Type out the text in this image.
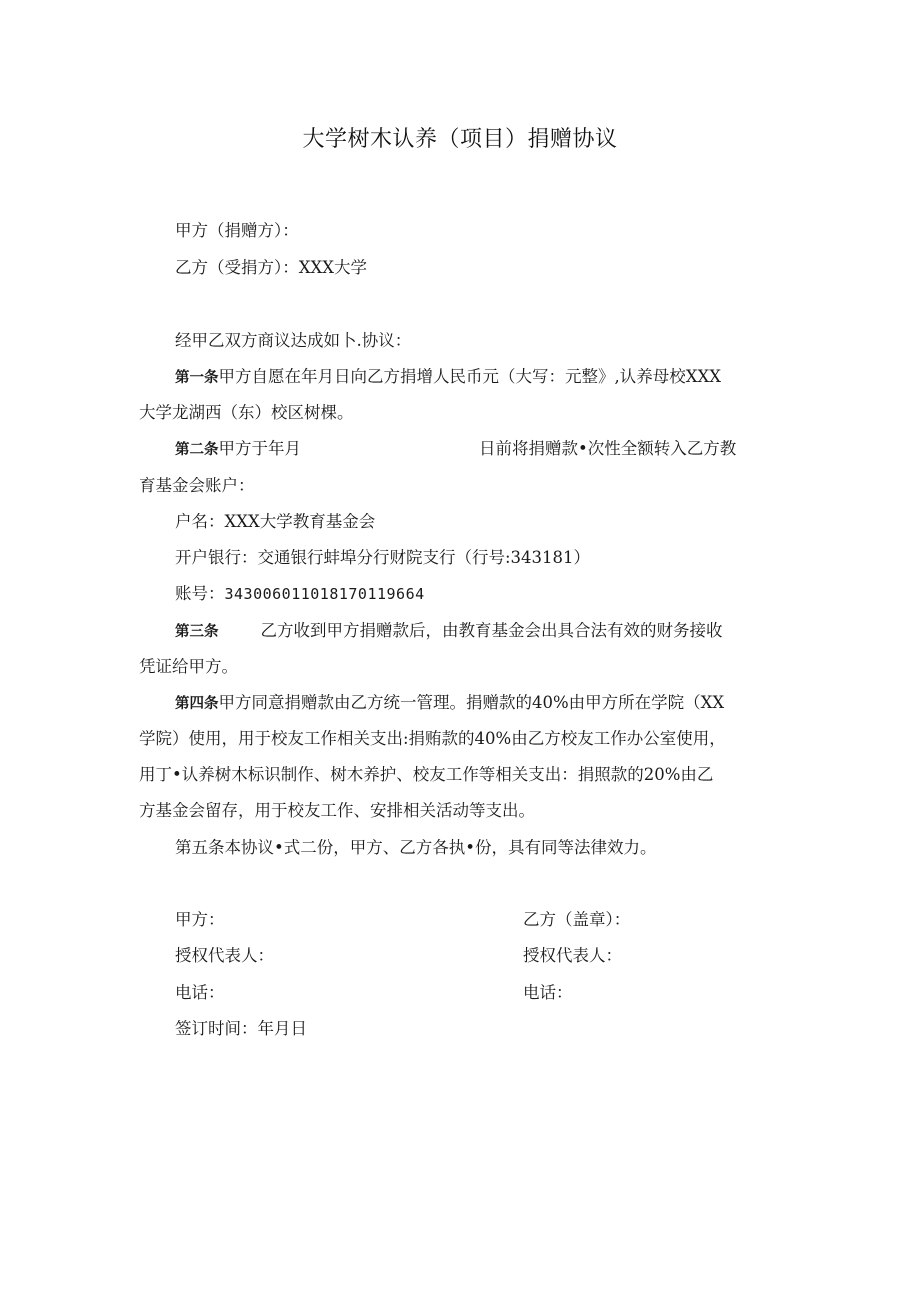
大学树木认养（项目）捐赠协议
甲方（捐赠方）：
乙方（受捐方）：XXX大学
经甲乙双方商议达成如卜.协议：
第一条甲方自愿在年月日向乙方捐增人民币元（大写：元整》,认养母校XXX
大学龙湖西（东）校区树棵。
第二条甲方于年月	日前将捐赠款•次性全额转入乙方教
育基金会账户：
户名：XXX大学教育基金会
开户银行：交通银行蚌埠分行财院支行（行号:343181）
账号：343006011018170119664
第三条	乙方收到甲方捐赠款后，由教育基金会出具合法有效的财务接收
凭证给甲方。
第四条甲方同意捐赠款由乙方统一管理。捐赠款的40%由甲方所在学院（XX
学院）使用，用于校友工作相关支出:捐贿款的40%由乙方校友工作办公室使用，
用丁•认养树木标识制作、树木养护、校友工作等相关支出：捐照款的20%由乙
方基金会留存，用于校友工作、安排相关活动等支出。
第五条本协议•式二份，甲方、乙方各执•份，具有同等法律效力。
甲方：	乙方（盖章）：
授权代表人：	授权代表人：
电话：	电话：
签订时间：年月日
